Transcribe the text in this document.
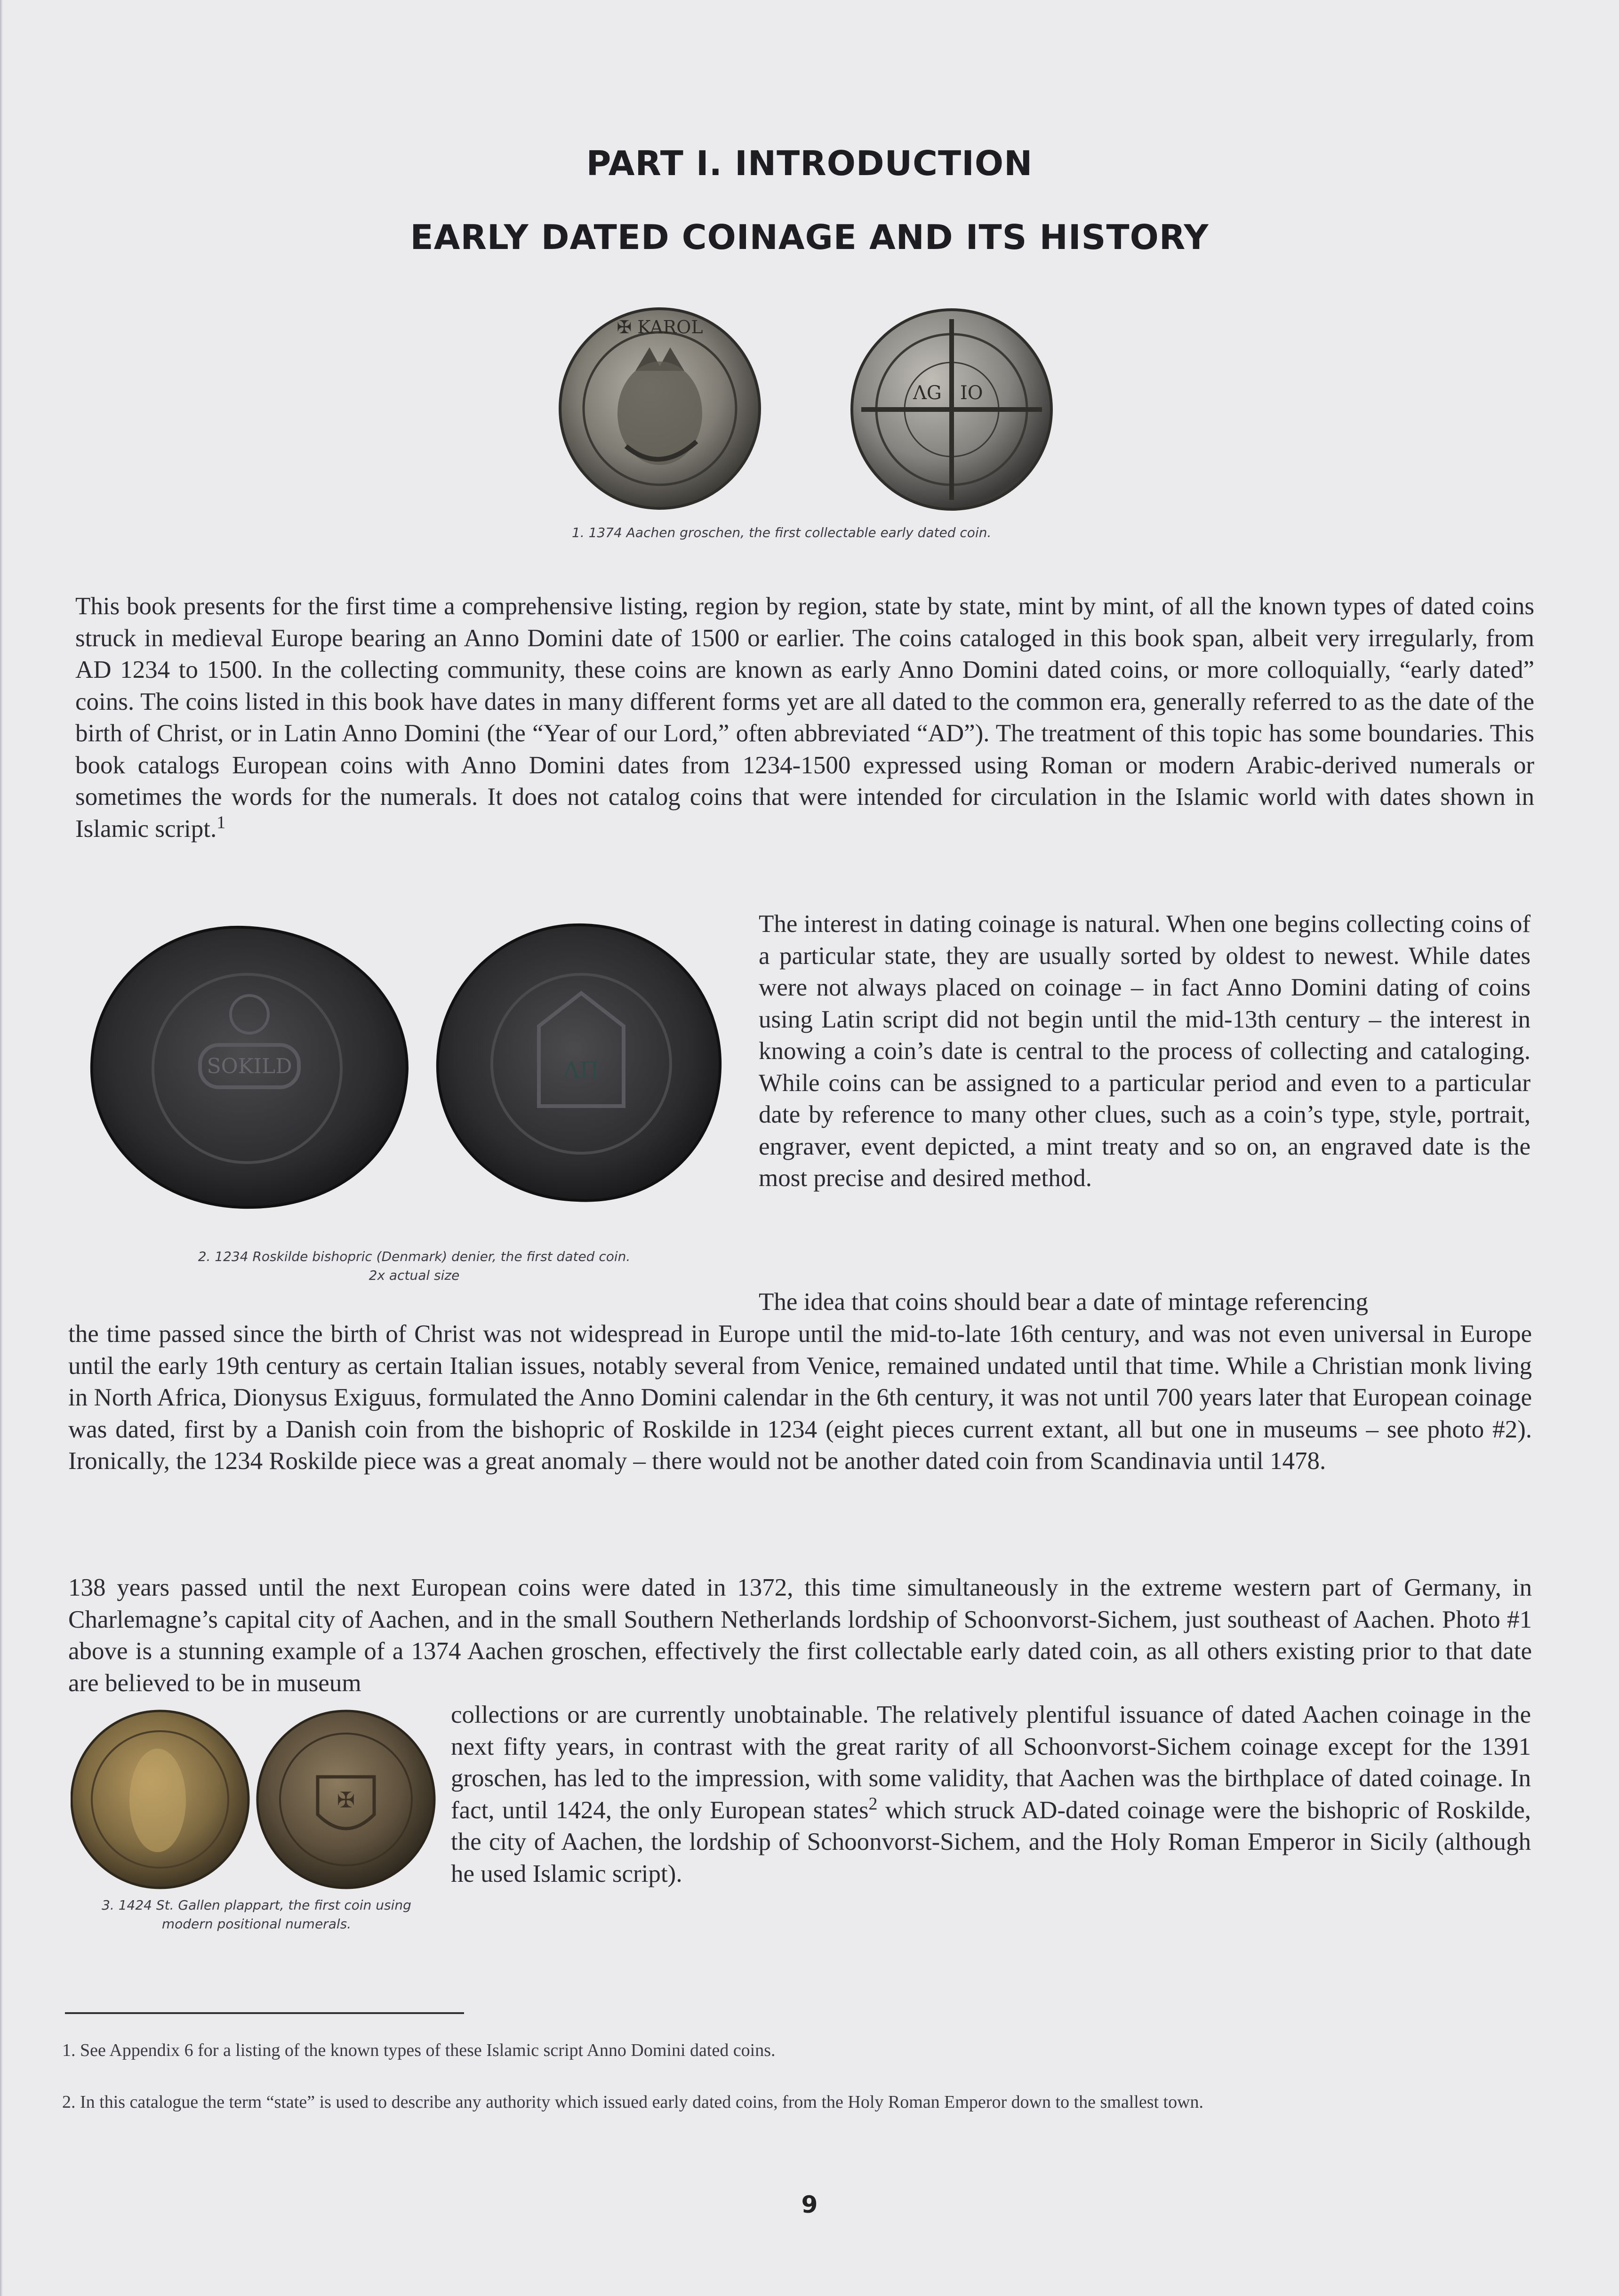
PART I. INTRODUCTION
EARLY DATED COINAGE AND ITS HISTORY
✠ KAROL
ΛG IO

1. 1374 Aachen groschen, the first collectable early dated coin.

This book presents for the first time a comprehensive listing, region by region, state by state, mint by mint, of all the known types of dated coins struck in medieval Europe bearing an Anno Domini date of 1500 or earlier. The coins cataloged in this book span, albeit very irregularly, from AD 1234 to 1500. In the collecting community, these coins are known as early Anno Domini dated coins, or more colloquially, “early dated” coins. The coins listed in this book have dates in many different forms yet are all dated to the common era, generally referred to as the date of the birth of Christ, or in Latin Anno Domini (the “Year of our Lord,” often abbreviated “AD”). The treatment of this topic has some boundaries. This book catalogs European coins with Anno Domini dates from 1234-1500 expressed using Roman or modern Arabic-derived numerals or sometimes the words for the numerals. It does not catalog coins that were intended for circulation in the Islamic world with dates shown in Islamic script.$^1$

SOKILD	ΛΠ

2. 1234 Roskilde bishopric (Denmark) denier, the first dated coin.
2x actual size

The interest in dating coinage is natural. When one begins collecting coins of a particular state, they are usually sorted by oldest to newest. While dates were not always placed on coinage – in fact Anno Domini dating of coins using Latin script did not begin until the mid-13th century – the interest in knowing a coin’s date is central to the process of collecting and cataloging. While coins can be assigned to a particular period and even to a particular date by reference to many other clues, such as a coin’s type, style, portrait, engraver, event depicted, a mint treaty and so on, an engraved date is the most precise and desired method.

The idea that coins should bear a date of mintage referencing

the time passed since the birth of Christ was not widespread in Europe until the mid-to-late 16th century, and was not even universal in Europe until the early 19th century as certain Italian issues, notably several from Venice, remained undated until that time. While a Christian monk living in North Africa, Dionysus Exiguus, formulated the Anno Domini calendar in the 6th century, it was not until 700 years later that European coinage was dated, first by a Danish coin from the bishopric of Roskilde in 1234 (eight pieces current extant, all but one in museums – see photo #2). Ironically, the 1234 Roskilde piece was a great anomaly – there would not be another dated coin from Scandinavia until 1478.

138 years passed until the next European coins were dated in 1372, this time simultaneously in the extreme western part of Germany, in Charlemagne’s capital city of Aachen, and in the small Southern Netherlands lordship of Schoonvorst-Sichem, just southeast of Aachen. Photo #1 above is a stunning example of a 1374 Aachen groschen, effectively the first collectable early dated coin, as all others existing prior to that date are believed to be in museum

✠

3. 1424 St. Gallen plappart, the first coin using
modern positional numerals.

collections or are currently unobtainable. The relatively plentiful issuance of dated Aachen coinage in the next fifty years, in contrast with the great rarity of all Schoonvorst-Sichem coinage except for the 1391 groschen, has led to the impression, with some validity, that Aachen was the birthplace of dated coinage. In fact, until 1424, the only European states$^2$ which struck AD-dated coinage were the bishopric of Roskilde, the city of Aachen, the lordship of Schoonvorst-Sichem, and the Holy Roman Emperor in Sicily (although he used Islamic script).

1. See Appendix 6 for a listing of the known types of these Islamic script Anno Domini dated coins.

2. In this catalogue the term “state” is used to describe any authority which issued early dated coins, from the Holy Roman Emperor down to the smallest town.

9
